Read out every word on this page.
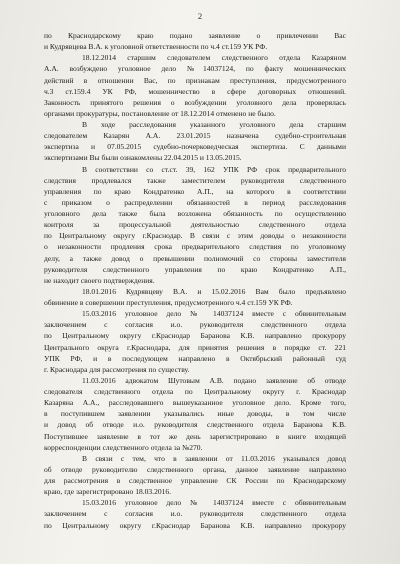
2
по Краснодарскому краю подано заявление о привлечении Вас
и Кудрявцева В.А. к уголовной ответственности по ч.4 ст.159 УК РФ.
18.12.2014 старшим следователем следственного отдела Казаряном
А.А. возбуждено уголовное дело №14037124, по факту мошеннических
действий в отношении Вас, по признакам преступления, предусмотренного
ч.3 ст.159.4 УК РФ, мошенничество в сфере договорных отношений.
Законность принятого решения о возбуждении уголовного дела проверялась
органами прокуратуры, постановление от 18.12.2014 отменено не было.
В ходе расследования указанного уголовного дела старшим
следователем Казарян А.А. 23.01.2015 назначена судебно-строительная
экспертиза и 07.05.2015 судебно-почерковедческая экспертиза. С данными
экспертизами Вы были ознакомлены 22.04.2015 и 13.05.2015.
В соответствии со ст.ст. 39, 162 УПК РФ срок предварительного
следствия продлевался также заместителем руководителя следственного
управления по краю Кондратенко А.П., на которого в соответствии
с приказом о распределении обязанностей в период расследования
уголовного дела также была возложена обязанность по осуществлению
контроля за процессуальной деятельностью следственного отдела
по Центральному округу г.Краснодар. В связи с этим доводы о незаконности
о незаконности продления срока предварительного следствия по уголовному
делу, а также довод о превышении полномочий со стороны заместителя
руководителя следственного управления по краю Кондратенко А.П.,
не находит своего подтверждения.
18.01.2016 Кудрявцеву В.А. и 15.02.2016 Вам было предъявлено
обвинение в совершении преступления, предусмотренного ч.4 ст.159 УК РФ.
15.03.2016 уголовное дело № 14037124 вместе с обвинительным
заключением с согласия и.о. руководителя следственного отдела
по Центральному округу г.Краснодар Баранова К.В. направлено прокурору
Центрального округа г.Краснодара, для принятия решения в порядке ст. 221
УПК РФ, и в последующем направлено в Октябрьский районный суд
г. Краснодара для рассмотрения по существу.
11.03.2016 адвокатом Шутовым А.В. подано заявление об отводе
следователя следственного отдела по Центральному округу г. Краснодар
Казаряна А.А., расследовавшего вышеуказанное уголовное дело. Кроме того,
в поступившем заявлении указывались иные доводы, в том числе
и довод об отводе и.о. руководителя следственного отдела Баранова К.В.
Поступившее заявление в тот же день зарегистрировано в книге входящей
корреспонденции следственного отдела за №270.
В связи с тем, что в заявлении от 11.03.2016 указывался довод
об отводе руководителю следственного органа, данное заявление направлено
для рассмотрения в следственное управление СК России по Краснодарскому
краю, где зарегистрировано 18.03.2016.
15.03.2016 уголовное дело № 14037124 вместе с обвинительным
заключением с согласия и.о. руководителя следственного отдела
по Центральному округу г.Краснодар Баранова К.В. направлено прокурору
